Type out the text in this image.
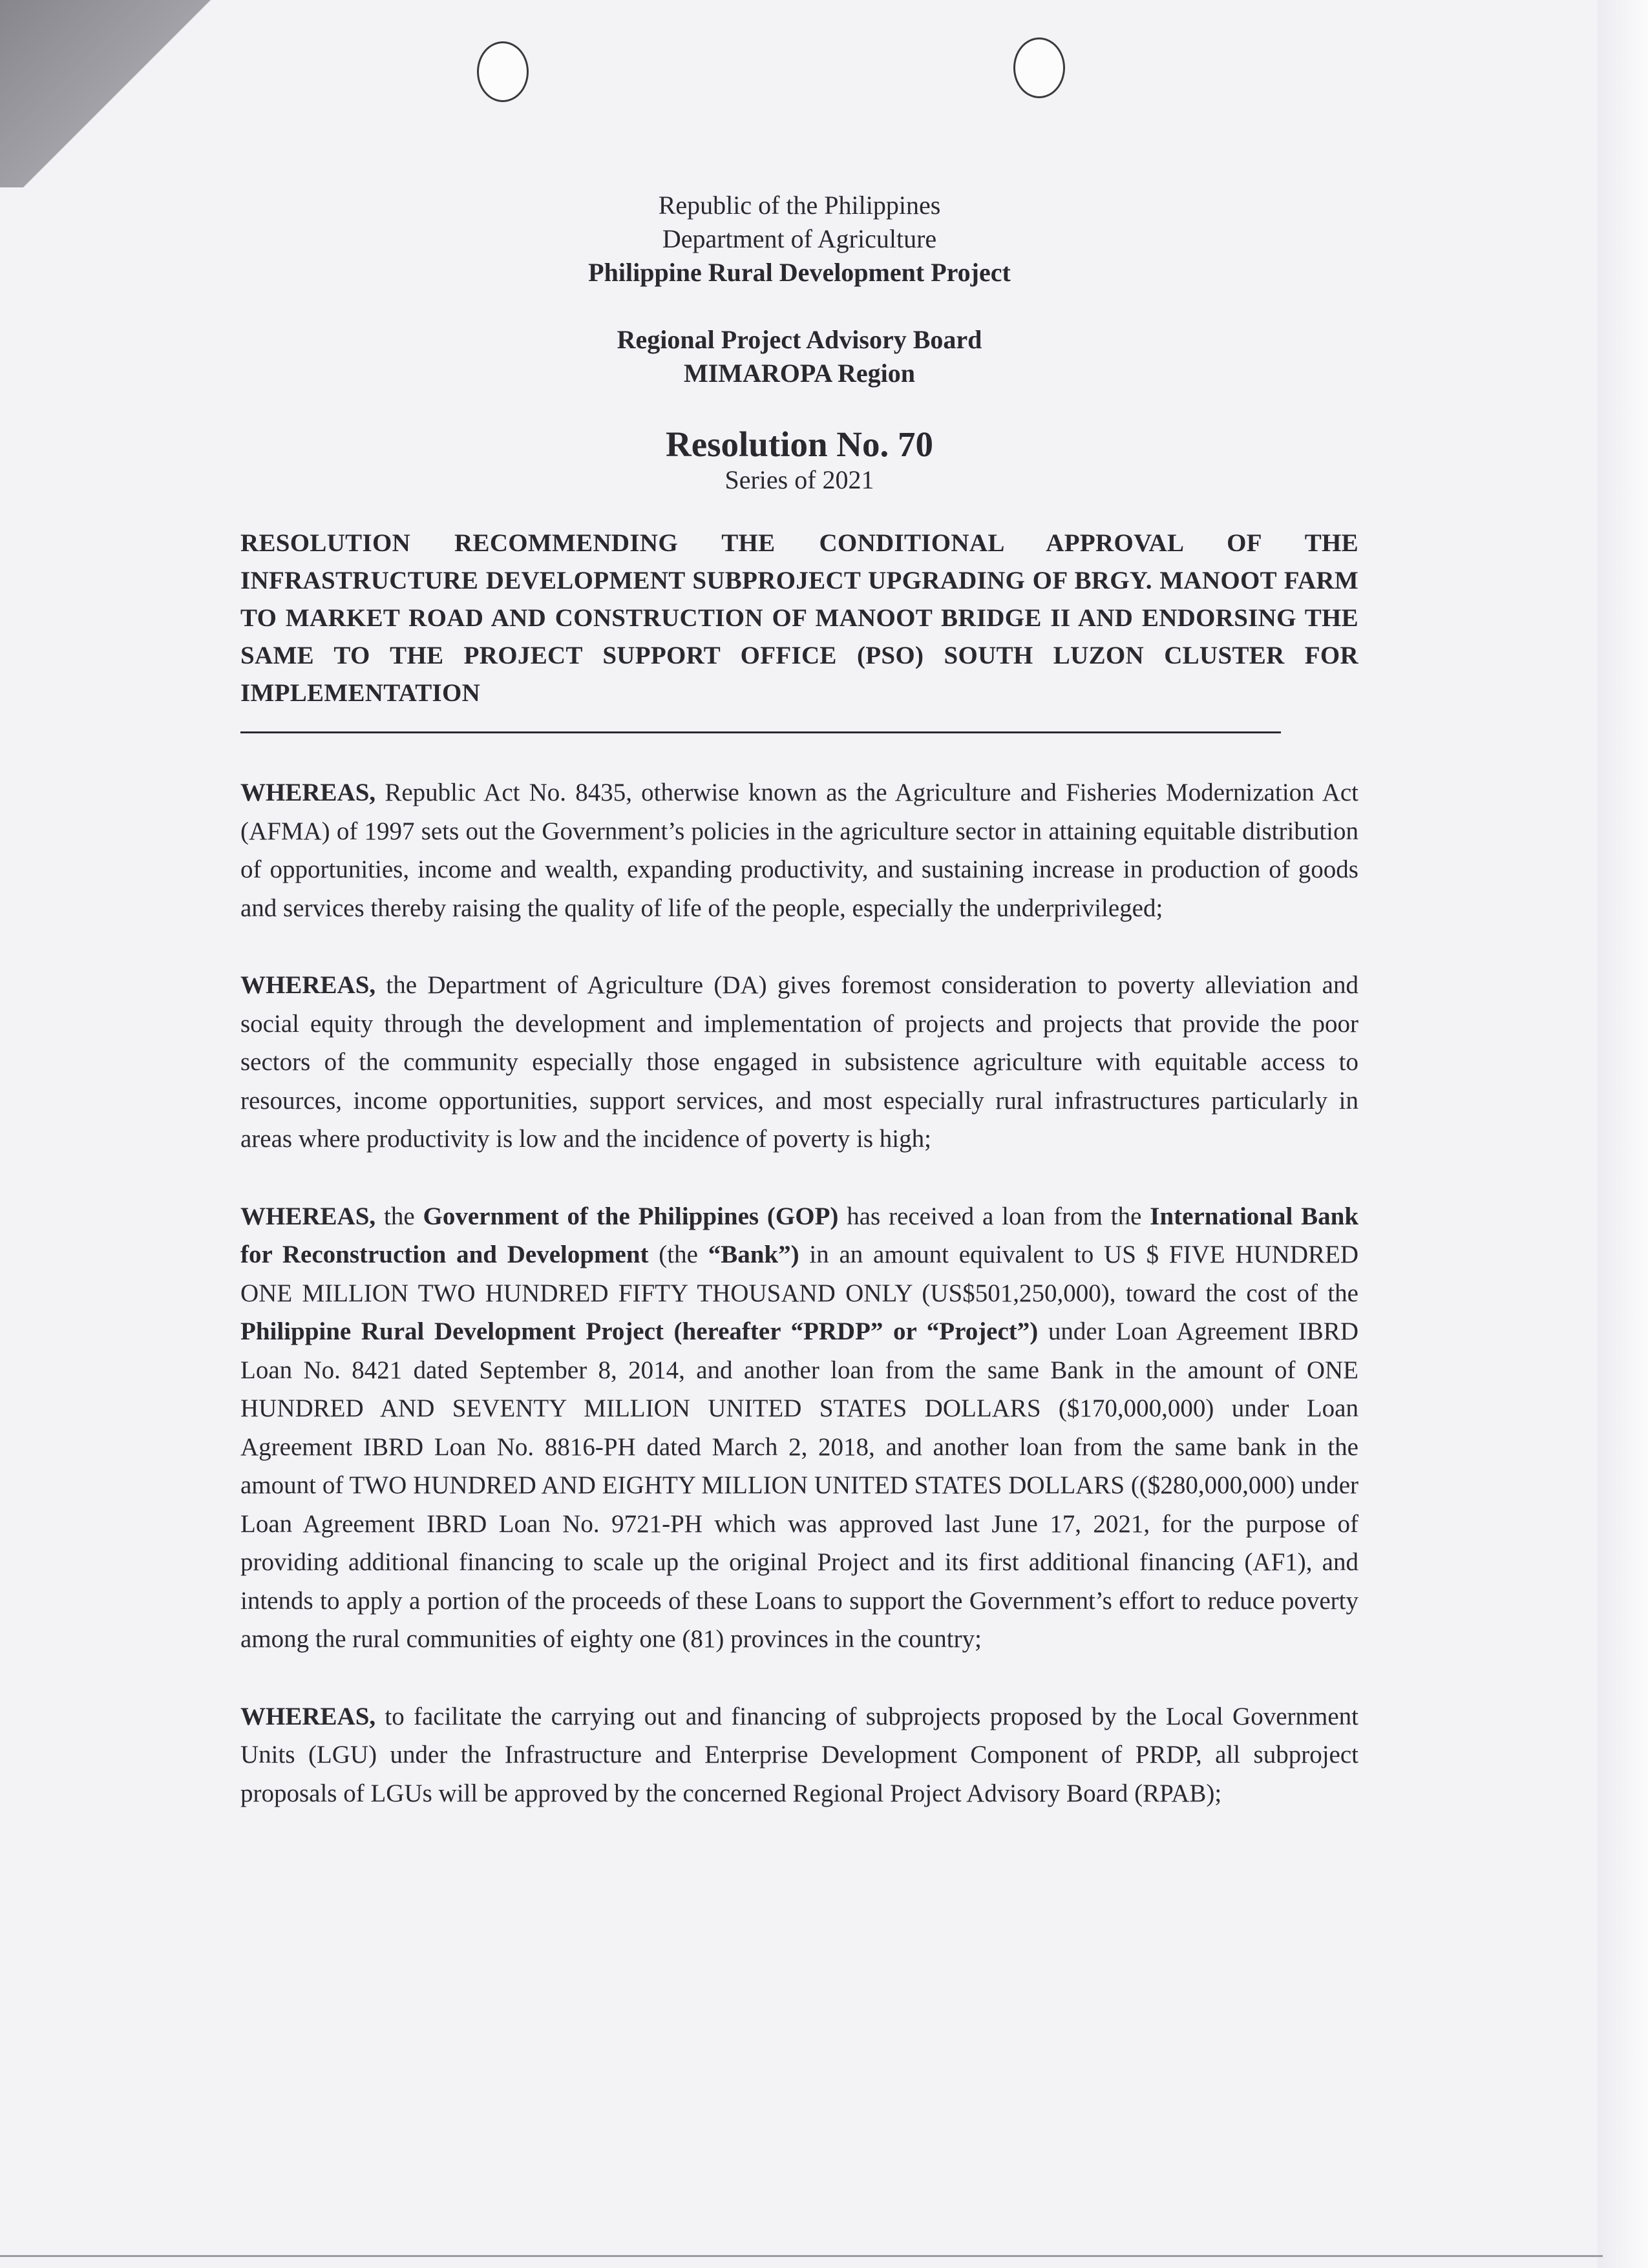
Republic of the Philippines
Department of Agriculture
Philippine Rural Development Project
Regional Project Advisory Board
MIMAROPA Region
Resolution No. 70
Series of 2021
RESOLUTION RECOMMENDING THE CONDITIONAL APPROVAL OF THE INFRASTRUCTURE DEVELOPMENT SUBPROJECT UPGRADING OF BRGY. MANOOT FARM TO MARKET ROAD AND CONSTRUCTION OF MANOOT BRIDGE II AND ENDORSING THE SAME TO THE PROJECT SUPPORT OFFICE (PSO) SOUTH LUZON CLUSTER FOR IMPLEMENTATION
WHEREAS, Republic Act No. 8435, otherwise known as the Agriculture and Fisheries Modernization Act (AFMA) of 1997 sets out the Government’s policies in the agriculture sector in attaining equitable distribution of opportunities, income and wealth, expanding productivity, and sustaining increase in production of goods and services thereby raising the quality of life of the people, especially the underprivileged;
WHEREAS, the Department of Agriculture (DA) gives foremost consideration to poverty alleviation and social equity through the development and implementation of projects and projects that provide the poor sectors of the community especially those engaged in subsistence agriculture with equitable access to resources, income opportunities, support services, and most especially rural infrastructures particularly in areas where productivity is low and the incidence of poverty is high;
WHEREAS, the Government of the Philippines (GOP) has received a loan from the International Bank for Reconstruction and Development (the “Bank”) in an amount equivalent to US $ FIVE HUNDRED ONE MILLION TWO HUNDRED FIFTY THOUSAND ONLY (US$501,250,000), toward the cost of the Philippine Rural Development Project (hereafter “PRDP” or “Project”) under Loan Agreement IBRD Loan No. 8421 dated September 8, 2014, and another loan from the same Bank in the amount of ONE HUNDRED AND SEVENTY MILLION UNITED STATES DOLLARS ($170,000,000) under Loan Agreement IBRD Loan No. 8816-PH dated March 2, 2018, and another loan from the same bank in the amount of TWO HUNDRED AND EIGHTY MILLION UNITED STATES DOLLARS (($280,000,000) under Loan Agreement IBRD Loan No. 9721-PH which was approved last June 17, 2021, for the purpose of providing additional financing to scale up the original Project and its first additional financing (AF1), and intends to apply a portion of the proceeds of these Loans to support the Government’s effort to reduce poverty among the rural communities of eighty one (81) provinces in the country;
WHEREAS, to facilitate the carrying out and financing of subprojects proposed by the Local Government Units (LGU) under the Infrastructure and Enterprise Development Component of PRDP, all subproject proposals of LGUs will be approved by the concerned Regional Project Advisory Board (RPAB);
